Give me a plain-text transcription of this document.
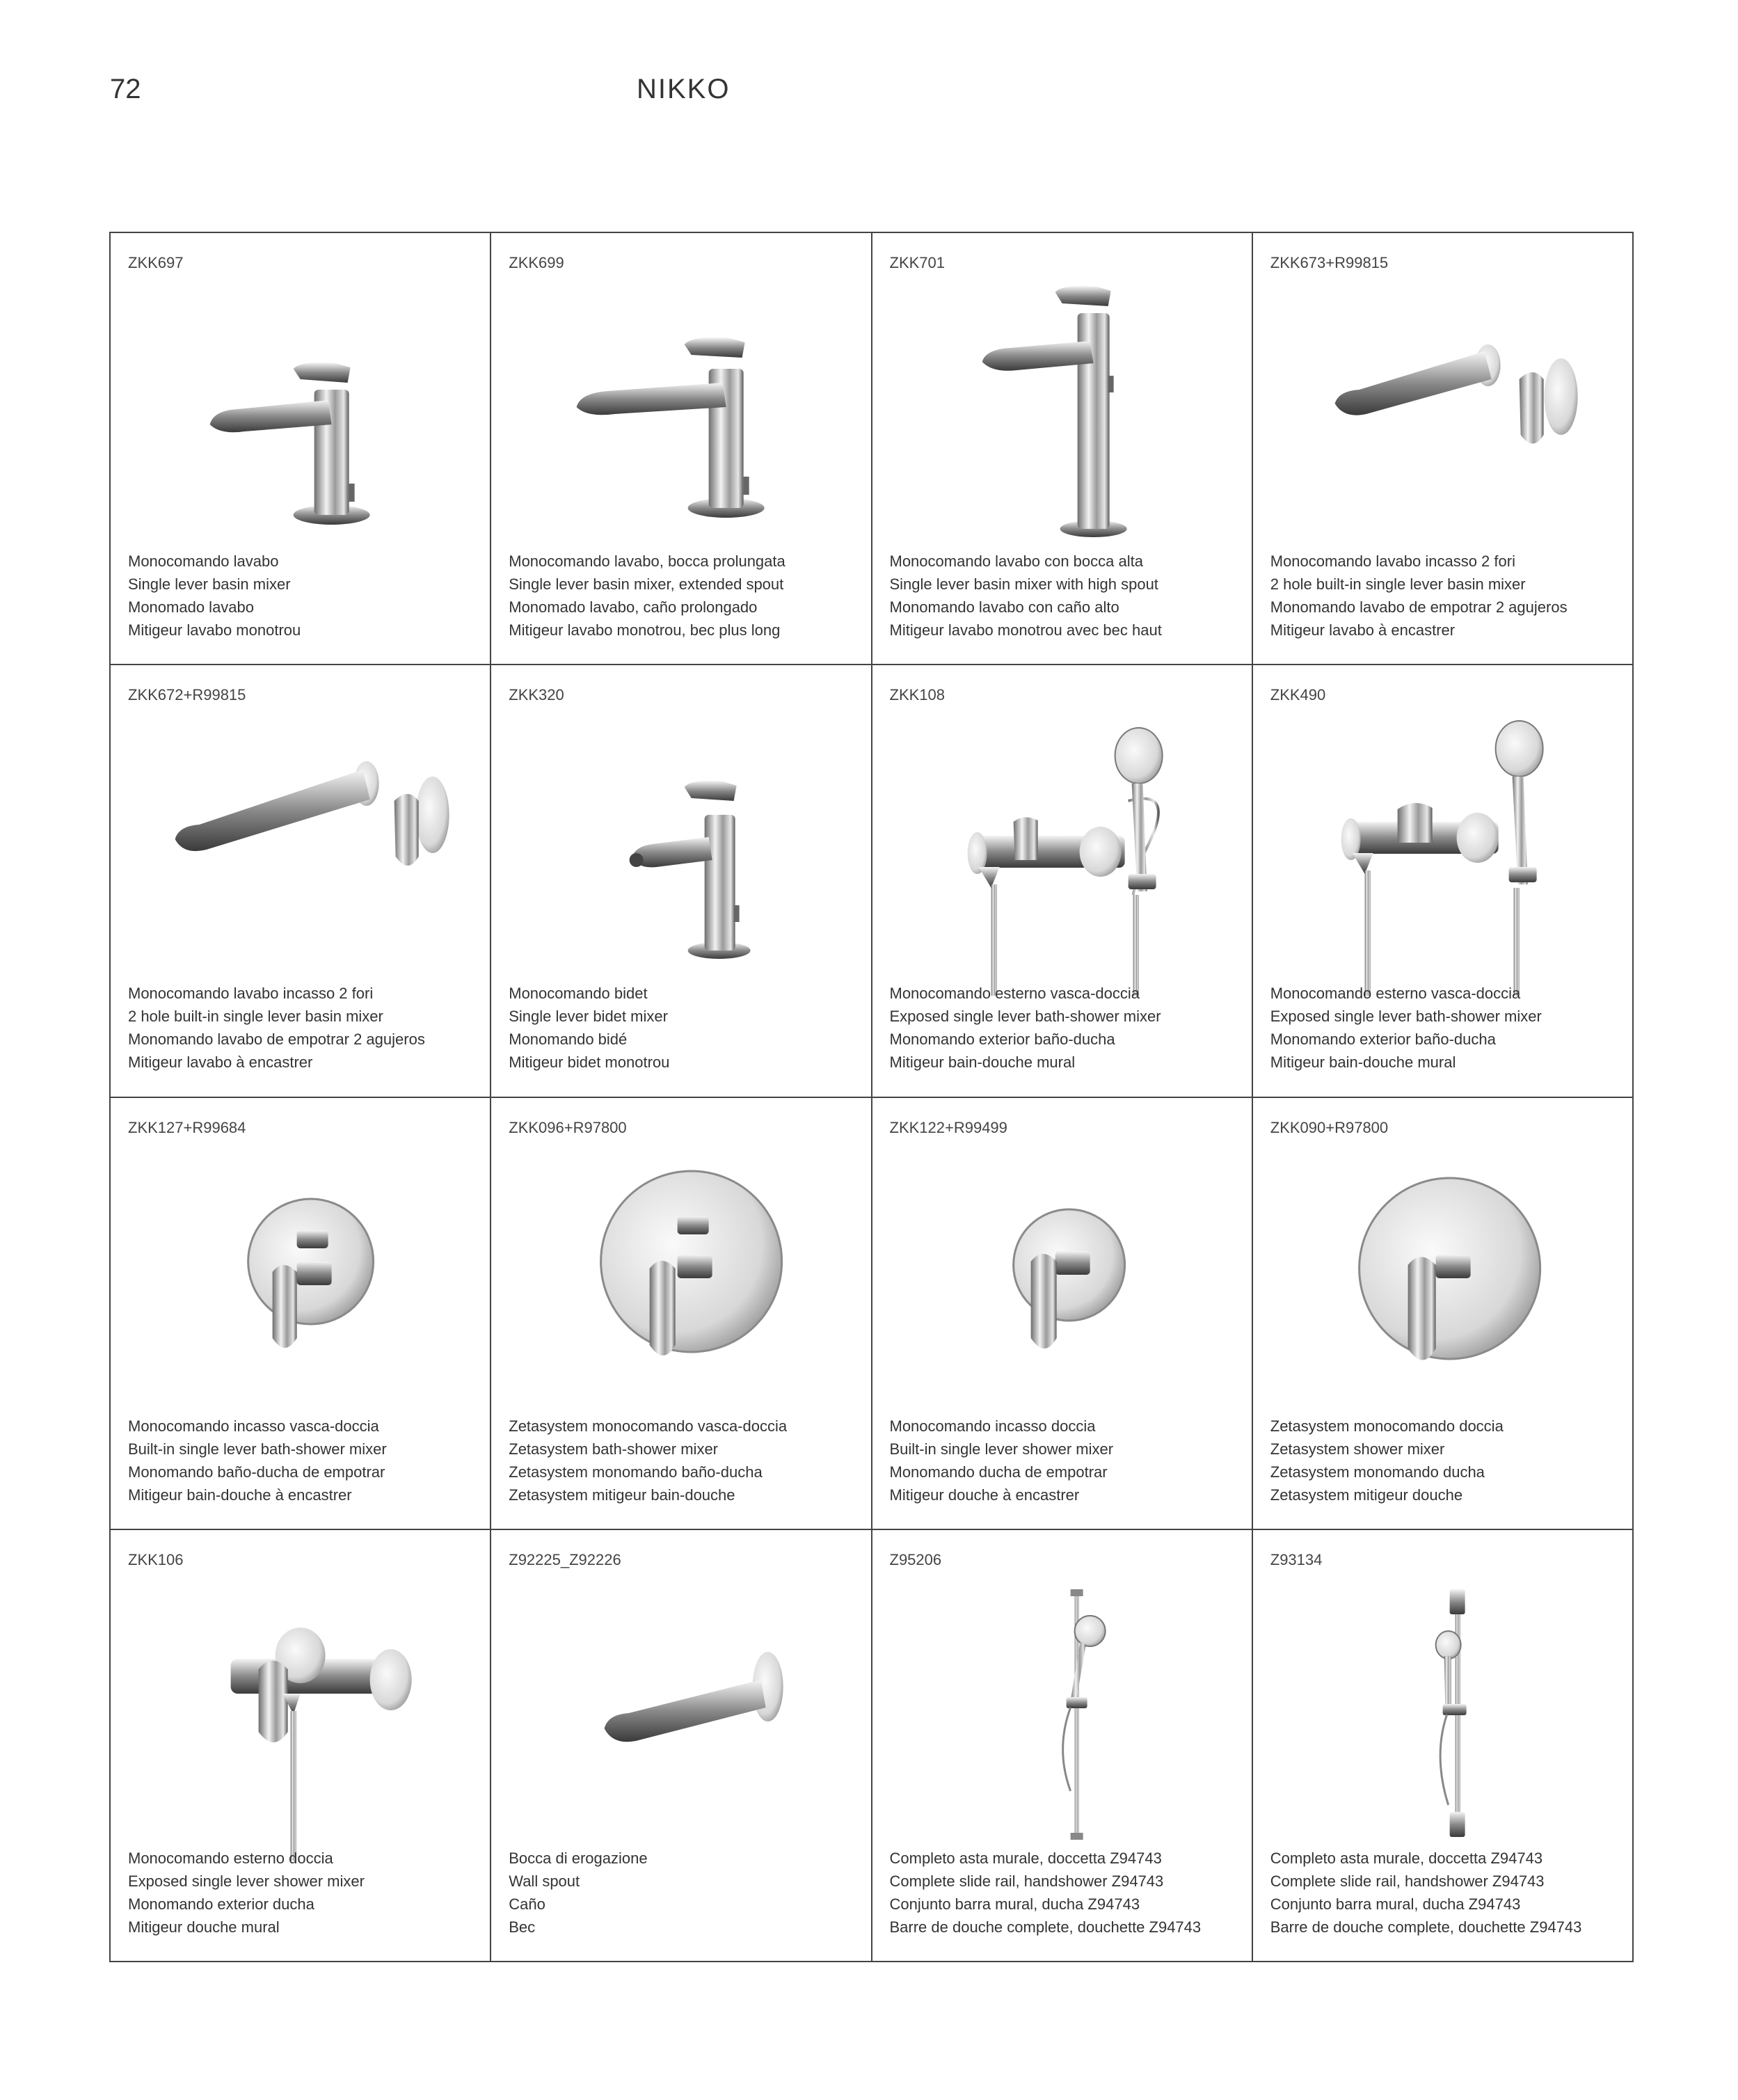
72	NIKKO
ZKK697
Monocomando lavabo
Single lever basin mixer
Monomado lavabo
Mitigeur lavabo monotrou
ZKK699
Monocomando lavabo, bocca prolungata
Single lever basin mixer, extended spout
Monomado lavabo, caño prolongado
Mitigeur lavabo monotrou, bec plus long
ZKK701
Monocomando lavabo con bocca alta
Single lever basin mixer with high spout
Monomando lavabo con caño alto
Mitigeur lavabo monotrou avec bec haut
ZKK673+R99815
Monocomando lavabo incasso 2 fori
2 hole built-in single lever basin mixer
Monomando lavabo de empotrar 2 agujeros
Mitigeur lavabo à encastrer
ZKK672+R99815
Monocomando lavabo incasso 2 fori
2 hole built-in single lever basin mixer
Monomando lavabo de empotrar 2 agujeros
Mitigeur lavabo à encastrer
ZKK320
Monocomando bidet
Single lever bidet mixer
Monomando bidé
Mitigeur bidet monotrou
ZKK108
Monocomando esterno vasca-doccia
Exposed single lever bath-shower mixer
Monomando exterior baño-ducha
Mitigeur bain-douche mural
ZKK490
Monocomando esterno vasca-doccia
Exposed single lever bath-shower mixer
Monomando exterior baño-ducha
Mitigeur bain-douche mural
ZKK127+R99684
Monocomando incasso vasca-doccia
Built-in single lever bath-shower mixer
Monomando baño-ducha de empotrar
Mitigeur bain-douche à encastrer
ZKK096+R97800
Zetasystem monocomando vasca-doccia
Zetasystem bath-shower mixer
Zetasystem monomando baño-ducha
Zetasystem mitigeur bain-douche
ZKK122+R99499
Monocomando incasso doccia
Built-in single lever shower mixer
Monomando ducha de empotrar
Mitigeur douche à encastrer
ZKK090+R97800
Zetasystem monocomando doccia
Zetasystem shower mixer
Zetasystem monomando ducha
Zetasystem mitigeur douche
ZKK106
Monocomando esterno doccia
Exposed single lever shower mixer
Monomando exterior ducha
Mitigeur douche mural
Z92225_Z92226
Bocca di erogazione
Wall spout
Caño
Bec
Z95206
Completo asta murale, doccetta Z94743
Complete slide rail, handshower Z94743
Conjunto barra mural, ducha Z94743
Barre de douche complete, douchette Z94743
Z93134
Completo asta murale, doccetta Z94743
Complete slide rail, handshower Z94743
Conjunto barra mural, ducha Z94743
Barre de douche complete, douchette Z94743
